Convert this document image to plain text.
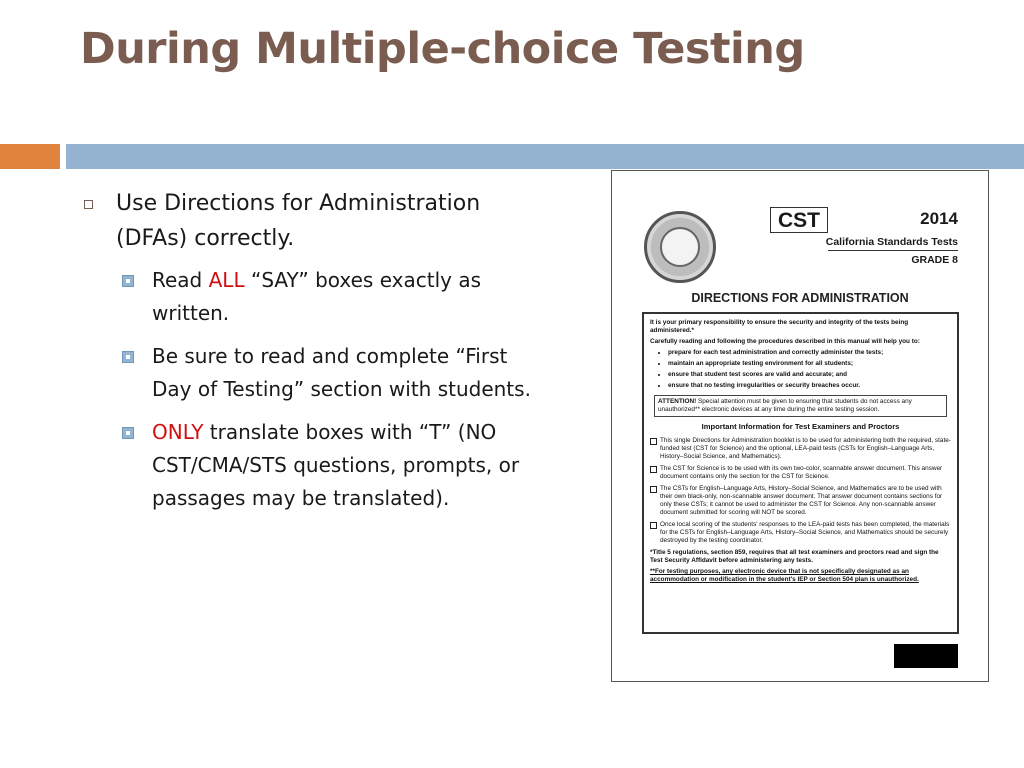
During Multiple-choice Testing
Use Directions for Administration (DFAs) correctly.
Read ALL “SAY” boxes exactly as written.
Be sure to read and complete “First Day of Testing” section with students.
ONLY translate boxes with “T” (NO CST/CMA/STS questions, prompts, or passages may be translated).
CST	2014
California Standards Tests
GRADE 8
DIRECTIONS FOR ADMINISTRATION

It is your primary responsibility to ensure the security and integrity of the tests being administered.*

Carefully reading and following the procedures described in this manual will help you to:

• prepare for each test administration and correctly administer the tests;
• maintain an appropriate testing environment for all students;
• ensure that student test scores are valid and accurate; and
• ensure that no testing irregularities or security breaches occur.
ATTENTION! Special attention must be given to ensuring that students do not access any unauthorized** electronic devices at any time during the entire testing session.
Important Information for Test Examiners and Proctors
This single Directions for Administration booklet is to be used for administering both the required, state-funded test (CST for Science) and the optional, LEA-paid tests (CSTs for English–Language Arts, History–Social Science, and Mathematics).
The CST for Science is to be used with its own two-color, scannable answer document. This answer document contains only the section for the CST for Science.
The CSTs for English–Language Arts, History–Social Science, and Mathematics are to be used with their own black-only, non-scannable answer document. That answer document contains sections for only these CSTs; it cannot be used to administer the CST for Science. Any non-scannable answer document submitted for scoring will NOT be scored.
Once local scoring of the students' responses to the LEA-paid tests has been completed, the materials for the CSTs for English–Language Arts, History–Social Science, and Mathematics should be securely destroyed by the testing coordinator.
*Title 5 regulations, section 859, requires that all test examiners and proctors read and sign the Test Security Affidavit before administering any tests.
**For testing purposes, any electronic device that is not specifically designated as an accommodation or modification in the student's IEP or Section 504 plan is unauthorized.
